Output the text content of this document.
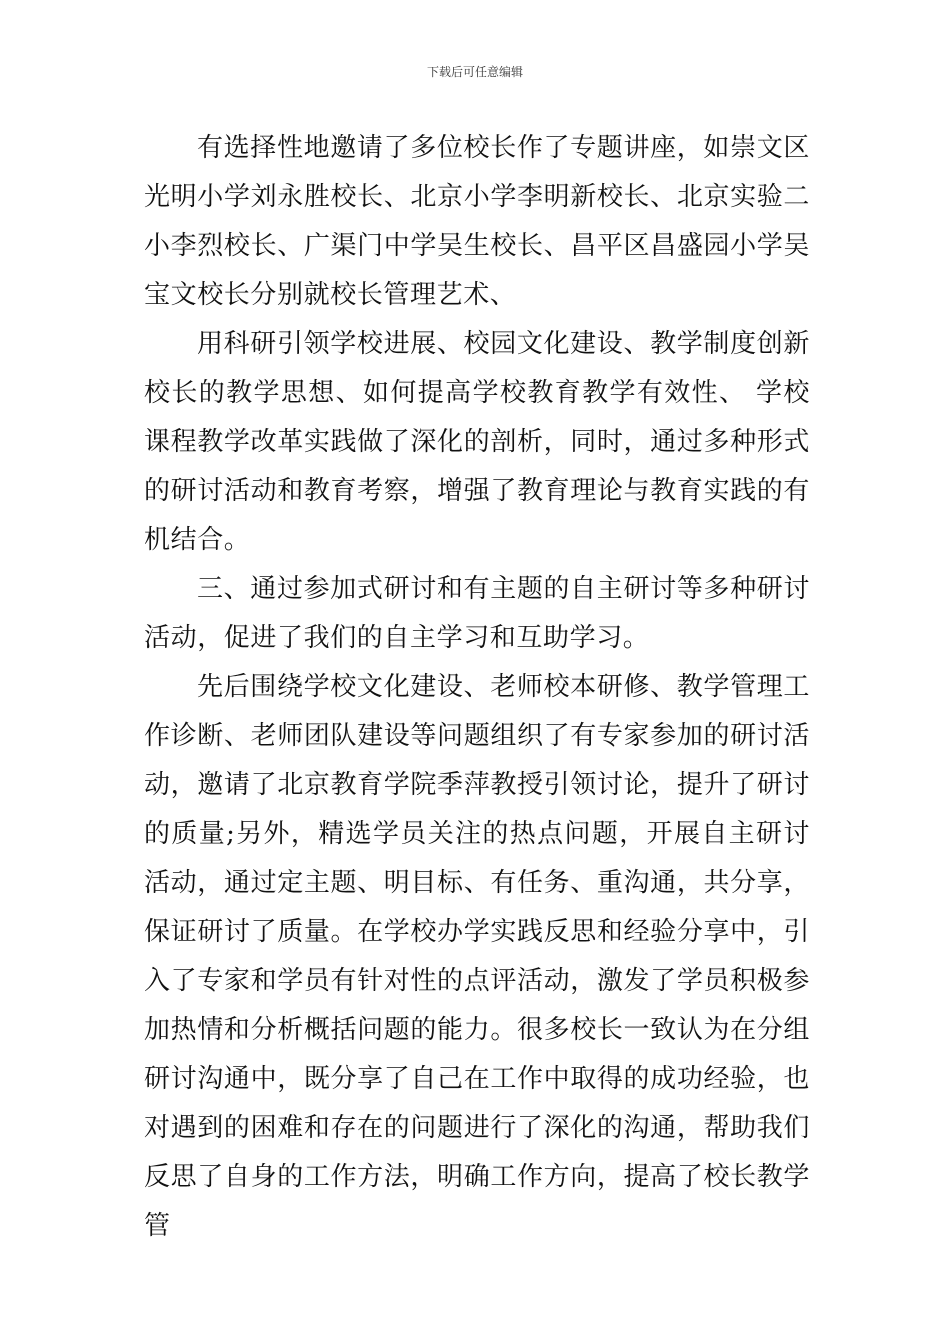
下载后可任意编辑

有选择性地邀请了多位校长作了专题讲座，如崇文区光明小学刘永胜校长、北京小学李明新校长、北京实验二小李烈校长、广渠门中学吴生校长、昌平区昌盛园小学吴宝文校长分别就校长管理艺术、

用科研引领学校进展、校园文化建设、教学制度创新校长的教学思想、如何提高学校教育教学有效性、 学校课程教学改革实践做了深化的剖析，同时，通过多种形式的研讨活动和教育考察，增强了教育理论与教育实践的有机结合。

三、通过参加式研讨和有主题的自主研讨等多种研讨活动，促进了我们的自主学习和互助学习。

先后围绕学校文化建设、老师校本研修、教学管理工作诊断、老师团队建设等问题组织了有专家参加的研讨活动，邀请了北京教育学院季萍教授引领讨论，提升了研讨的质量;另外，精选学员关注的热点问题，开展自主研讨活动，通过定主题、明目标、有任务、重沟通，共分享，保证研讨了质量。在学校办学实践反思和经验分享中，引入了专家和学员有针对性的点评活动，激发了学员积极参加热情和分析概括问题的能力。很多校长一致认为在分组研讨沟通中，既分享了自己在工作中取得的成功经验，也对遇到的困难和存在的问题进行了深化的沟通，帮助我们反思了自身的工作方法，明确工作方向，提高了校长教学管
